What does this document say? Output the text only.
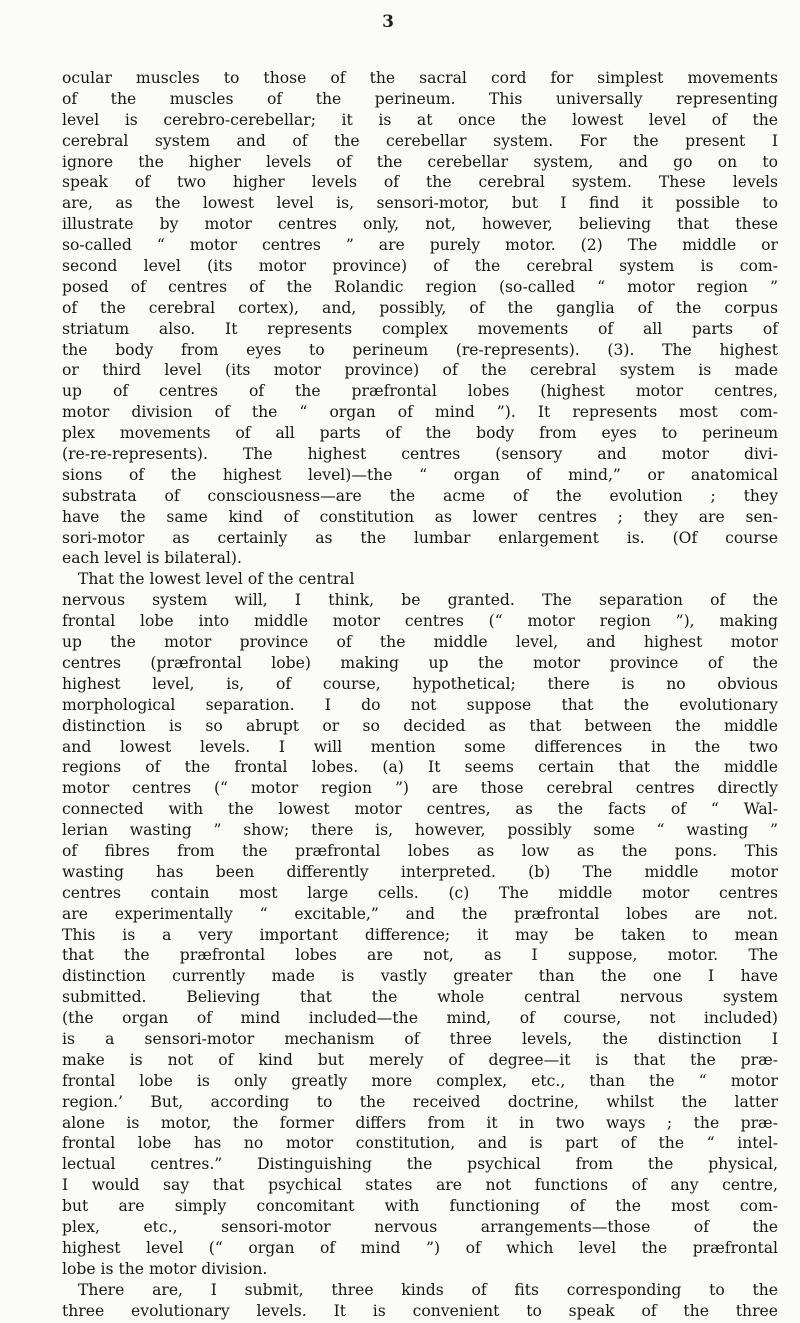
3
ocular muscles to those of the sacral cord for simplest movements
of the muscles of the perineum. This universally representing
level is cerebro-cerebellar; it is at once the lowest level of the
cerebral system and of the cerebellar system. For the present I
ignore the higher levels of the cerebellar system, and go on to
speak of two higher levels of the cerebral system. These levels
are, as the lowest level is, sensori-motor, but I find it possible to
illustrate by motor centres only, not, however, believing that these
so-called “ motor centres ” are purely motor. (2) The middle or
second level (its motor province) of the cerebral system is com-
posed of centres of the Rolandic region (so-called “ motor region ”
of the cerebral cortex), and, possibly, of the ganglia of the corpus
striatum also. It represents complex movements of all parts of
the body from eyes to perineum (re-represents). (3). The highest
or third level (its motor province) of the cerebral system is made
up of centres of the præfrontal lobes (highest motor centres,
motor division of the “ organ of mind ”). It represents most com-
plex movements of all parts of the body from eyes to perineum
(re-re-represents). The highest centres (sensory and motor divi-
sions of the highest level)—the “ organ of mind,” or anatomical
substrata of consciousness—are the acme of the evolution ; they
have the same kind of constitution as lower centres ; they are sen-
sori-motor as certainly as the lumbar enlargement is. (Of course
each level is bilateral).
That the lowest level of the central
nervous system will, I think, be granted. The separation of the
frontal lobe into middle motor centres (“ motor region ”), making
up the motor province of the middle level, and highest motor
centres (præfrontal lobe) making up the motor province of the
highest level, is, of course, hypothetical; there is no obvious
morphological separation. I do not suppose that the evolutionary
distinction is so abrupt or so decided as that between the middle
and lowest levels. I will mention some differences in the two
regions of the frontal lobes. (a) It seems certain that the middle
motor centres (“ motor region ”) are those cerebral centres directly
connected with the lowest motor centres, as the facts of “ Wal-
lerian wasting ” show; there is, however, possibly some “ wasting ”
of fibres from the præfrontal lobes as low as the pons. This
wasting has been differently interpreted. (b) The middle motor
centres contain most large cells. (c) The middle motor centres
are experimentally “ excitable,” and the præfrontal lobes are not.
This is a very important difference; it may be taken to mean
that the præfrontal lobes are not, as I suppose, motor. The
distinction currently made is vastly greater than the one I have
submitted. Believing that the whole central nervous system
(the organ of mind included—the mind, of course, not included)
is a sensori-motor mechanism of three levels, the distinction I
make is not of kind but merely of degree—it is that the præ-
frontal lobe is only greatly more complex, etc., than the “ motor
region.’ But, according to the received doctrine, whilst the latter
alone is motor, the former differs from it in two ways ; the præ-
frontal lobe has no motor constitution, and is part of the “ intel-
lectual centres.” Distinguishing the psychical from the physical,
I would say that psychical states are not functions of any centre,
but are simply concomitant with functioning of the most com-
plex, etc., sensori-motor nervous arrangements—those of the
highest level (“ organ of mind ”) of which level the præfrontal
lobe is the motor division.
There are, I submit, three kinds of fits corresponding to the
three evolutionary levels. It is convenient to speak of the three
